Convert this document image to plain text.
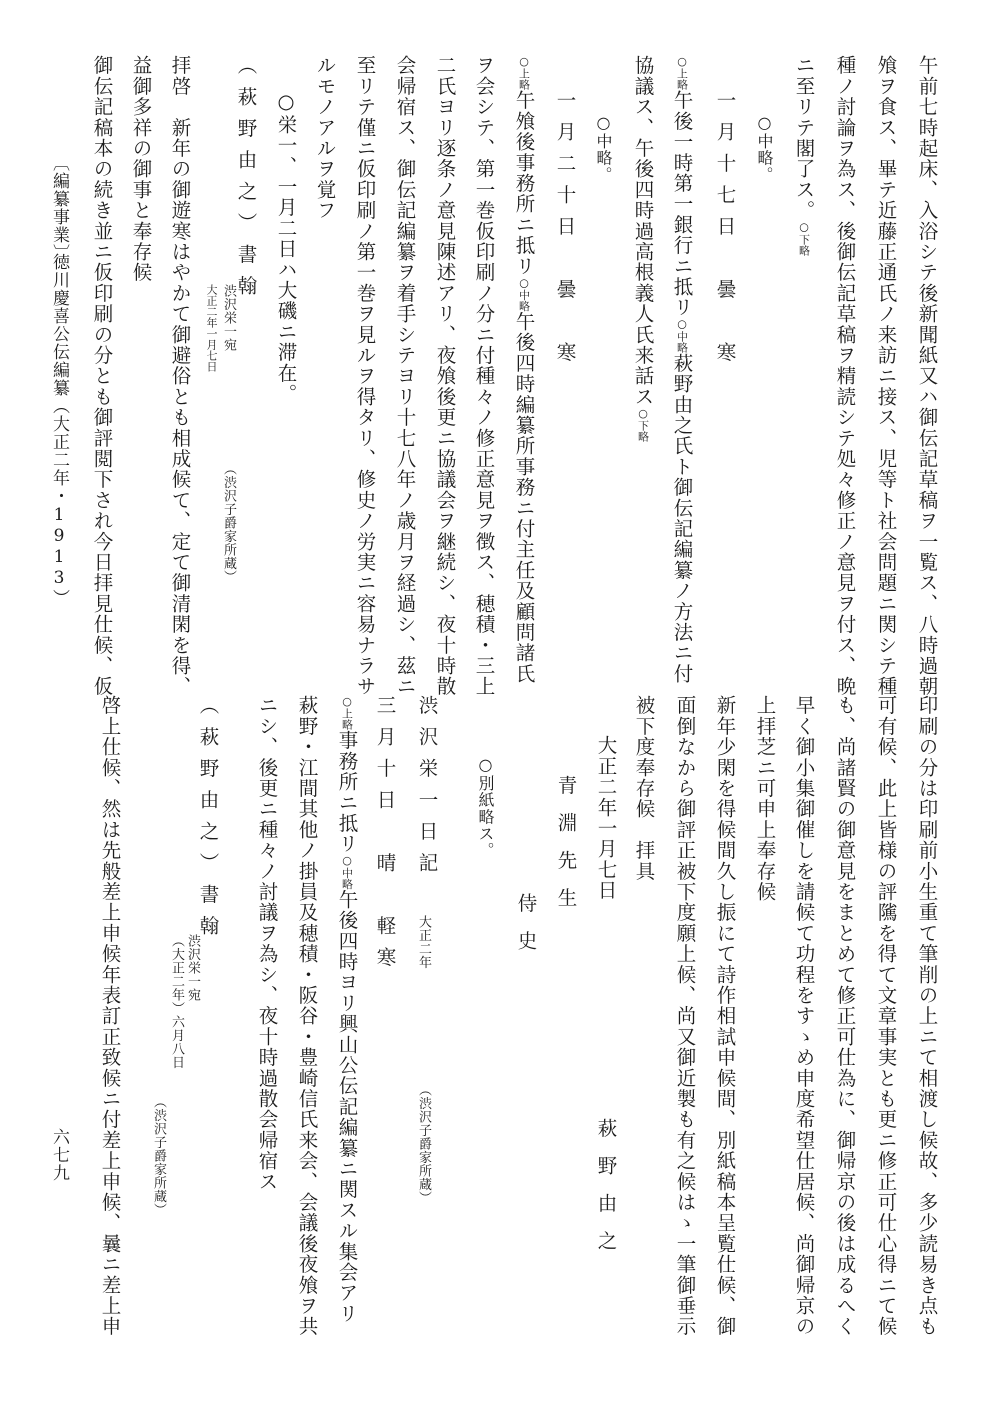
午前七時起床、入浴シテ後新聞紙又ハ御伝記草稿ヲ一覧ス、八時過朝
飧ヲ食ス、畢テ近藤正通氏ノ来訪ニ接ス、児等ト社会問題ニ関シテ種
種ノ討論ヲ為ス、後御伝記草稿ヲ精読シテ処々修正ノ意見ヲ付ス、晩
ニ至リテ閣了ス。○下略
○中略。
一月十七日　曇　寒
○上略午後一時第一銀行ニ抵リ○中略萩野由之氏ト御伝記編纂ノ方法ニ付
協議ス、午後四時過高根義人氏来話ス○下略
○中略。
一月二十日　曇　寒
○上略午飧後事務所ニ抵リ○中略午後四時編纂所事務ニ付主任及顧問諸氏
ヲ会シテ、第一巻仮印刷ノ分ニ付種々ノ修正意見ヲ徴ス、穂積・三上
二氏ヨリ逐条ノ意見陳述アリ、夜飧後更ニ協議会ヲ継続シ、夜十時散
会帰宿ス、御伝記編纂ヲ着手シテヨリ十七八年ノ歳月ヲ経過シ、茲ニ
至リテ僅ニ仮印刷ノ第一巻ヲ見ルヲ得タリ、修史ノ労実ニ容易ナラサ
ルモノアルヲ覚フ
○栄一、一月二日ハ大磯ニ滞在。
（萩野由之）書翰
渋沢栄一宛
大正二年一月七日
（渋沢子爵家所蔵）
拝啓　新年の御遊寒はやかて御避俗とも相成候て、定て御清閑を得、
益御多祥の御事と奉存候
御伝記稿本の続き並ニ仮印刷の分とも御評閲下され今日拝見仕候、仮
〔編纂事業〕
徳川慶喜公伝編纂（大正二年・1913）
印刷の分は印刷前小生重て筆削の上ニて相渡し候故、多少読易き点も
可有候、此上皆様の評隲を得て文章事実とも更ニ修正可仕心得ニて候
も、尚諸賢の御意見をまとめて修正可仕為に、御帰京の後は成るへく
早く御小集御催しを請候て功程をすゝめ申度希望仕居候、尚御帰京の
上拝芝ニ可申上奉存候
新年少閑を得候間久し振にて詩作相試申候間、別紙稿本呈覧仕候、御
面倒なから御評正被下度願上候、尚又御近製も有之候はゝ一筆御垂示
被下度奉存候　拝具
大正二年一月七日
萩野由之
青淵先生
侍史
○別紙略ス。
渋沢栄一日記
大正二年
（渋沢子爵家所蔵）
三月十日　晴　軽寒
○上略事務所ニ抵リ○中略午後四時ヨリ興山公伝記編纂ニ関スル集会アリ
萩野・江間其他ノ掛員及穂積・阪谷・豊崎信氏来会、会議後夜飧ヲ共
ニシ、後更ニ種々ノ討議ヲ為シ、夜十時過散会帰宿ス
（萩野由之）書翰
渋沢栄一宛
（大正二年）六月八日
（渋沢子爵家所蔵）
啓上仕候、然は先般差上申候年表訂正致候ニ付差上申候、曩ニ差上申
六七九
